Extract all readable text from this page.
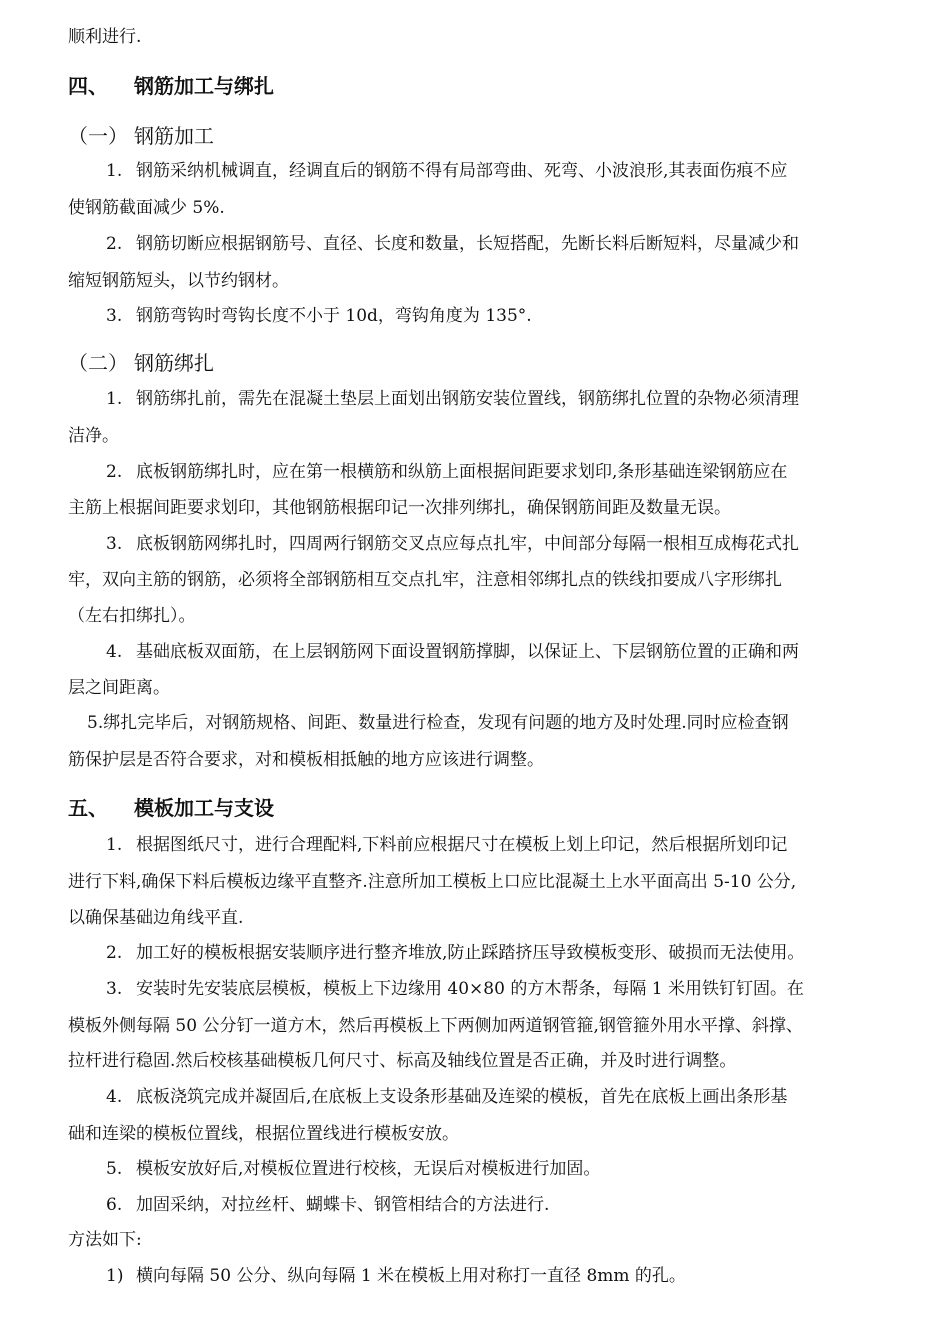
顺利进行.
四、 钢筋加工与绑扎
（一） 钢筋加工
1. 钢筋采纳机械调直，经调直后的钢筋不得有局部弯曲、死弯、小波浪形,其表面伤痕不应
使钢筋截面减少 5%.
2. 钢筋切断应根据钢筋号、直径、长度和数量，长短搭配，先断长料后断短料，尽量减少和
缩短钢筋短头，以节约钢材。
3. 钢筋弯钩时弯钩长度不小于 10d，弯钩角度为 135°.
（二） 钢筋绑扎
1. 钢筋绑扎前，需先在混凝土垫层上面划出钢筋安装位置线，钢筋绑扎位置的杂物必须清理
洁净。
2. 底板钢筋绑扎时，应在第一根横筋和纵筋上面根据间距要求划印,条形基础连梁钢筋应在
主筋上根据间距要求划印，其他钢筋根据印记一次排列绑扎，确保钢筋间距及数量无误。
3. 底板钢筋网绑扎时，四周两行钢筋交叉点应每点扎牢，中间部分每隔一根相互成梅花式扎
牢，双向主筋的钢筋，必须将全部钢筋相互交点扎牢，注意相邻绑扎点的铁线扣要成八字形绑扎
（左右扣绑扎）。
4. 基础底板双面筋，在上层钢筋网下面设置钢筋撑脚，以保证上、下层钢筋位置的正确和两
层之间距离。
5.绑扎完毕后，对钢筋规格、间距、数量进行检查，发现有问题的地方及时处理.同时应检查钢
筋保护层是否符合要求，对和模板相抵触的地方应该进行调整。
五、 模板加工与支设
1. 根据图纸尺寸，进行合理配料,下料前应根据尺寸在模板上划上印记，然后根据所划印记
进行下料,确保下料后模板边缘平直整齐.注意所加工模板上口应比混凝土上水平面高出 5-10 公分,
以确保基础边角线平直.
2. 加工好的模板根据安装顺序进行整齐堆放,防止踩踏挤压导致模板变形、破损而无法使用。
3. 安装时先安装底层模板，模板上下边缘用 40×80 的方木帮条，每隔 1 米用铁钉钉固。在
模板外侧每隔 50 公分钉一道方木，然后再模板上下两侧加两道钢管箍,钢管箍外用水平撑、斜撑、
拉杆进行稳固.然后校核基础模板几何尺寸、标高及轴线位置是否正确，并及时进行调整。
4. 底板浇筑完成并凝固后,在底板上支设条形基础及连梁的模板，首先在底板上画出条形基
础和连梁的模板位置线，根据位置线进行模板安放。
5. 模板安放好后,对模板位置进行校核，无误后对模板进行加固。
6. 加固采纳，对拉丝杆、蝴蝶卡、钢管相结合的方法进行.
方法如下:
1) 横向每隔 50 公分、纵向每隔 1 米在模板上用对称打一直径 8mm 的孔。
